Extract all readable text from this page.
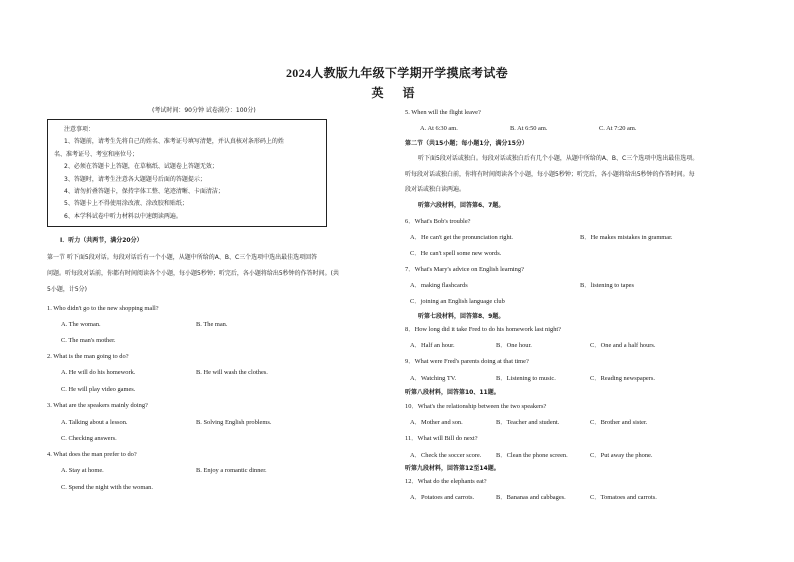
2024人教版九年级下学期开学摸底考试卷
英 语
(考试时间：90分钟 试卷满分：100分)
注意事项：
1、答题前，请考生先将自己的姓名、准考证号填写清楚，并认真核对条形码上的姓
名、准考证号、考室和座位号；
2、必须在答题卡上答题，在草稿纸、试题卷上答题无效；
3、答题时，请考生注意各大题题号后面的答题提示；
4、请勿折叠答题卡，保持字体工整、笔迹清晰、卡面清洁；
5、答题卡上不得使用涂改液、涂改胶和贴纸；
6、本学科试卷中听力材料以中速朗读两遍。
I．听力（共两节，满分20分）
第一节 听下面5段对话。每段对话后有一个小题，从题中所给的A、B、C三个选项中选出最佳选项回答
问题。听每段对话前，你都有时间阅读各个小题，每小题5秒钟；听完后，各小题将给出5秒钟的作答时间。(共
5小题，计5分)
1. Who didn't go to the new shopping mall?
A. The woman.	B. The man.
C. The man's mother.
2. What is the man going to do?
A. He will do his homework.	B. He will wash the clothes.
C. He will play video games.
3. What are the speakers mainly doing?
A. Talking about a lesson.	B. Solving English problems.
C. Checking answers.
4. What does the man prefer to do?
A. Stay at home.	B. Enjoy a romantic dinner.
C. Spend the night with the woman.
5. When will the flight leave?
A. At 6:30 am.	B. At 6:50 am.	C. At 7:20 am.
第二节（共15小题；每小题1分，满分15分）
听下面5段对话或独白。每段对话或独白后有几个小题，从题中所给的A、B、C三个选项中选出最佳选项。
听每段对话或独白前，你将有时间阅读各个小题，每小题5秒钟；听完后，各小题将给出5秒钟的作答时间。每
段对话或独白读两遍。
听第六段材料，回答第6、7题。
6．What's Bob's trouble?
A．He can't get the pronunciation right.	B．He makes mistakes in grammar.
C．He can't spell some new words.
7．What's Mary's advice on English learning?
A．making flashcards	B．listening to tapes
C．joining an English language club
听第七段材料，回答第8、9题。
8．How long did it take Fred to do his homework last night?
A．Half an hour.	B．One hour.	C．One and a half hours.
9．What were Fred's parents doing at that time?
A．Watching TV.	B．Listening to music.	C．Reading newspapers.
听第八段材料，回答第10、11题。
10．What's the relationship between the two speakers?
A．Mother and son.	B．Teacher and student.	C．Brother and sister.
11．What will Bill do next?
A．Check the soccer score. B．Clean the phone screen.	C．Put away the phone.
听第九段材料，回答第12至14题。
12．What do the elephants eat?
A．Potatoes and carrots.	B．Bananas and cabbages.	C．Tomatoes and carrots.
